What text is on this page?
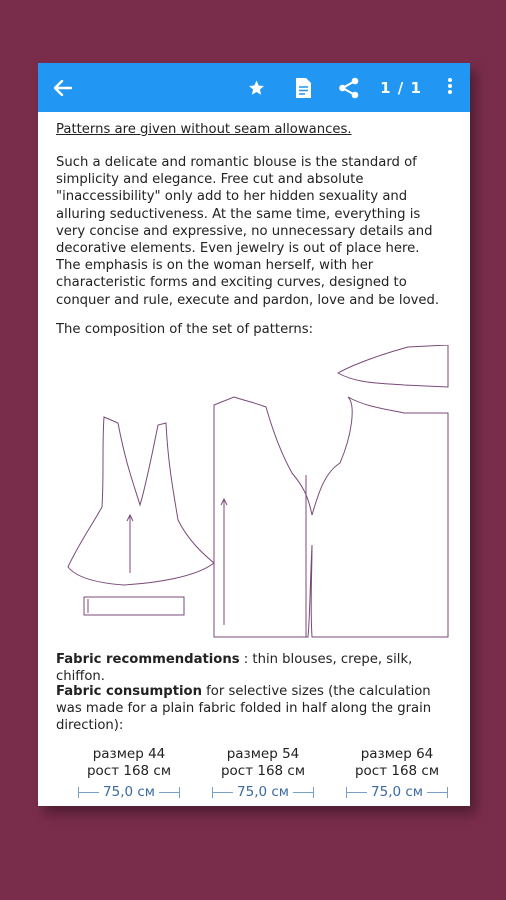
1 / 1

Patterns are given without seam allowances.

Such a delicate and romantic blouse is the standard of simplicity and elegance. Free cut and absolute "inaccessibility" only add to her hidden sexuality and alluring seductiveness. At the same time, everything is very concise and expressive, no unnecessary details and decorative elements. Even jewelry is out of place here. The emphasis is on the woman herself, with her characteristic forms and exciting curves, designed to conquer and rule, execute and pardon, love and be loved.

The composition of the set of patterns:

Fabric recommendations : thin blouses, crepe, silk, chiffon.

Fabric consumption for selective sizes (the calculation was made for a plain fabric folded in half along the grain direction):

размер 44
рост 168 см
75,0 см
размер 54
рост 168 см
75,0 см
размер 64
рост 168 см
75,0 см
